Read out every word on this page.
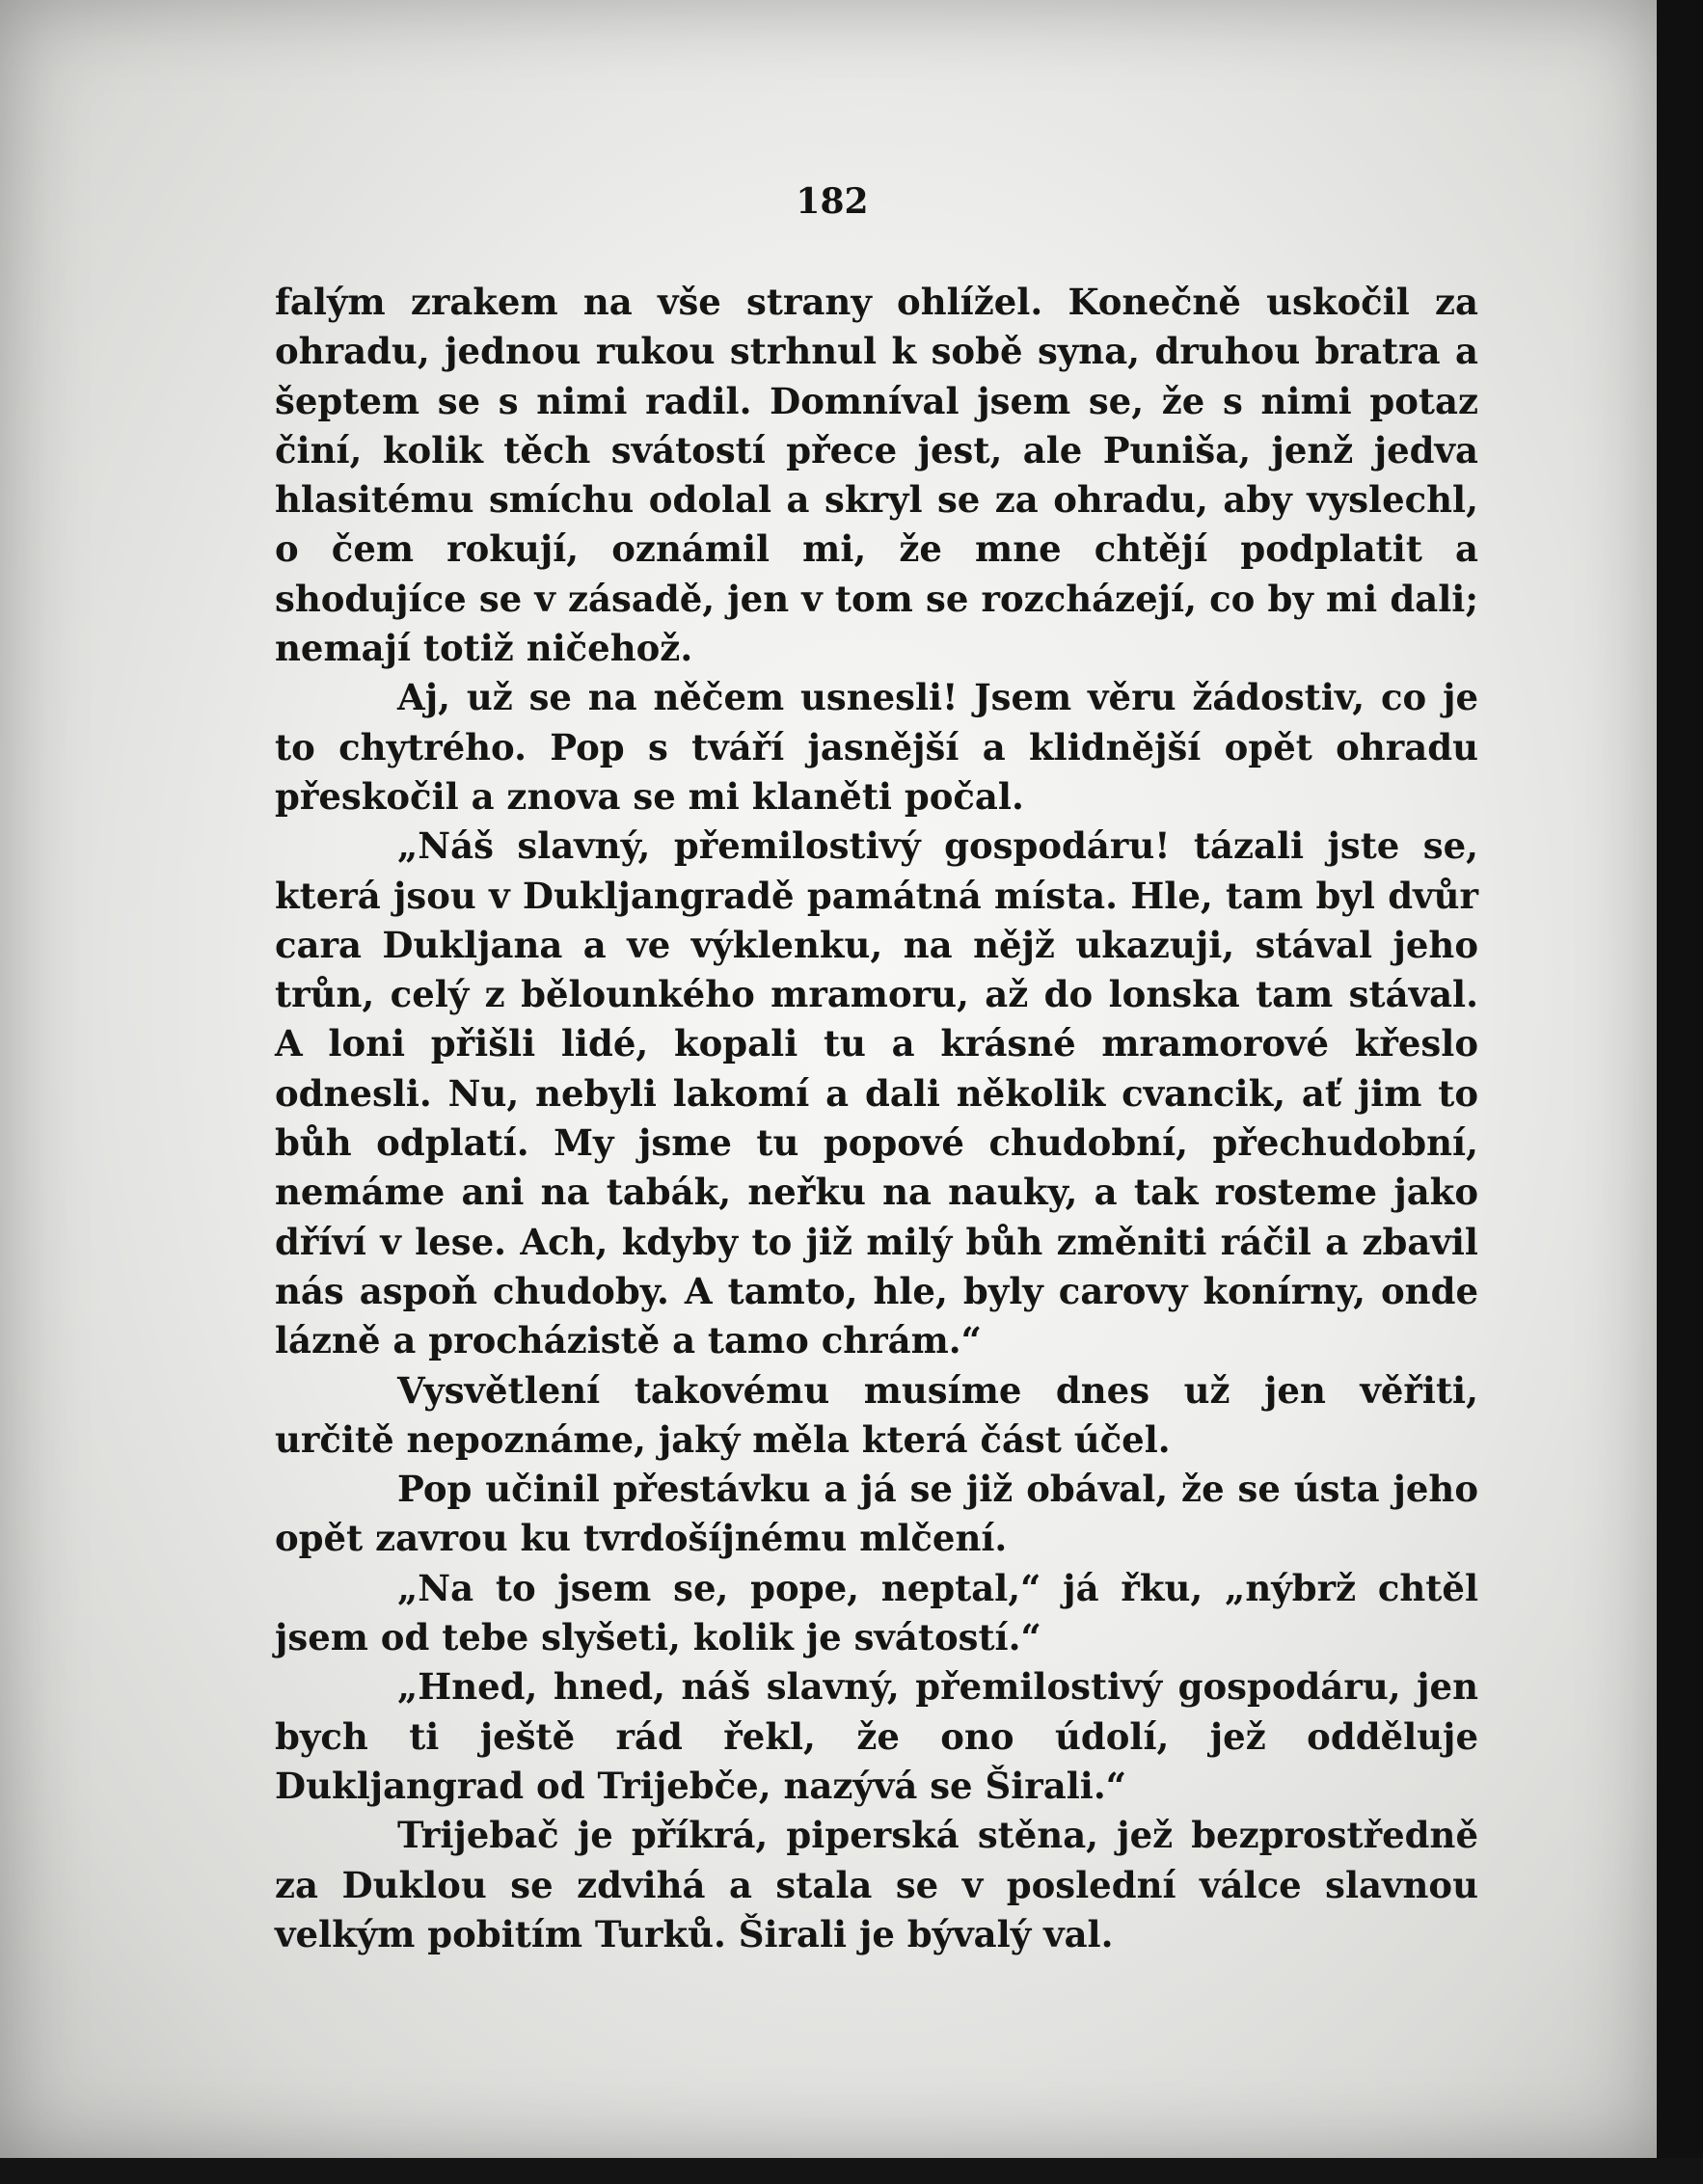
182

falým zrakem na vše strany ohlížel. Konečně uskočil za ohradu, jednou rukou strhnul k sobě syna, druhou bratra a šeptem se s nimi radil. Domníval jsem se, že s nimi potaz činí, kolik těch svátostí přece jest, ale Puniša, jenž jedva hlasitému smíchu odolal a skryl se za ohradu, aby vyslechl, o čem rokují, oznámil mi, že mne chtějí podplatit a shodujíce se v zásadě, jen v tom se rozcházejí, co by mi dali; nemají totiž ničehož.

Aj, už se na něčem usnesli! Jsem věru žádostiv, co je to chytrého. Pop s tváří jasnější a klidnější opět ohradu přeskočil a znova se mi klaněti počal.

„Náš slavný, přemilostivý gospodáru! tázali jste se, která jsou v Dukljangradě památná místa. Hle, tam byl dvůr cara Dukljana a ve výklenku, na nějž ukazuji, stával jeho trůn, celý z bělounkého mramoru, až do lonska tam stával. A loni přišli lidé, kopali tu a krásné mramorové křeslo odnesli. Nu, nebyli lakomí a dali několik cvancik, ať jim to bůh odplatí. My jsme tu popové chudobní, přechudobní, nemáme ani na tabák, neřku na nauky, a tak rosteme jako dříví v lese. Ach, kdyby to již milý bůh změniti ráčil a zbavil nás aspoň chudoby. A tamto, hle, byly carovy konírny, onde lázně a procházistě a tamo chrám.“

Vysvětlení takovému musíme dnes už jen věřiti, určitě nepoznáme, jaký měla která část účel.

Pop učinil přestávku a já se již obával, že se ústa jeho opět zavrou ku tvrdošíjnému mlčení.

„Na to jsem se, pope, neptal,“ já řku, „nýbrž chtěl jsem od tebe slyšeti, kolik je svátostí.“

„Hned, hned, náš slavný, přemilostivý gospodáru, jen bych ti ještě rád řekl, že ono údolí, jež odděluje Dukljangrad od Trijebče, nazývá se Širali.“

Trijebač je příkrá, piperská stěna, jež bezprostředně za Duklou se zdvihá a stala se v poslední válce slavnou velkým pobitím Turků. Širali je bývalý val.
